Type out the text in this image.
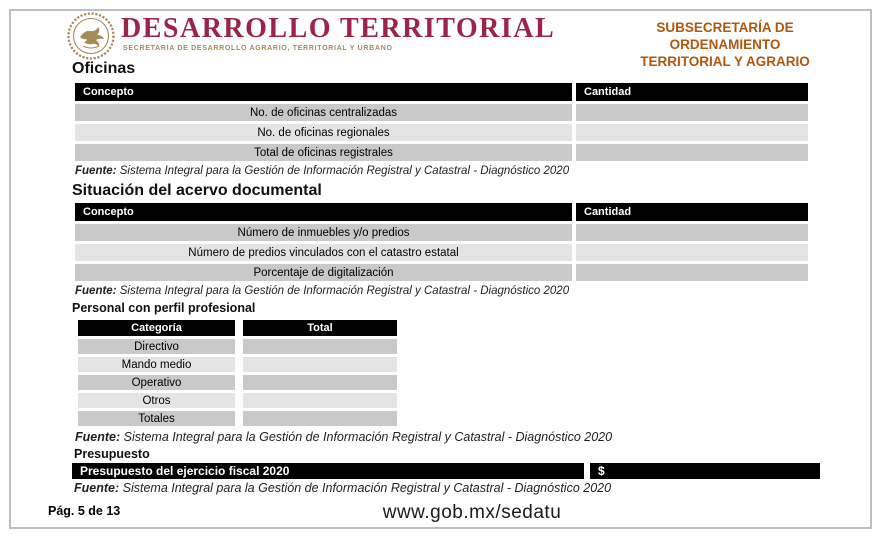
DESARROLLO TERRITORIAL
SECRETARÍA DE DESARROLLO AGRARIO, TERRITORIAL Y URBANO
SUBSECRETARÍA DE
ORDENAMIENTO
TERRITORIAL Y AGRARIO
Oficinas
Concepto	Cantidad
No. de oficinas centralizadas
No. de oficinas regionales
Total de oficinas registrales
Fuente: Sistema Integral para la Gestión de Información Registral y Catastral - Diagnóstico 2020
Situación del acervo documental
Concepto	Cantidad
Número de inmuebles y/o predios
Número de predios vinculados con el catastro estatal
Porcentaje de digitalización
Fuente: Sistema Integral para la Gestión de Información Registral y Catastral - Diagnóstico 2020
Personal con perfil profesional
Categoría	Total
Directivo
Mando medio
Operativo
Otros
Totales
Fuente: Sistema Integral para la Gestión de Información Registral y Catastral - Diagnóstico 2020
Presupuesto
Presupuesto del ejercicio fiscal 2020	$
Fuente: Sistema Integral para la Gestión de Información Registral y Catastral - Diagnóstico 2020
Pág. 5 de 13	www.gob.mx/sedatu
